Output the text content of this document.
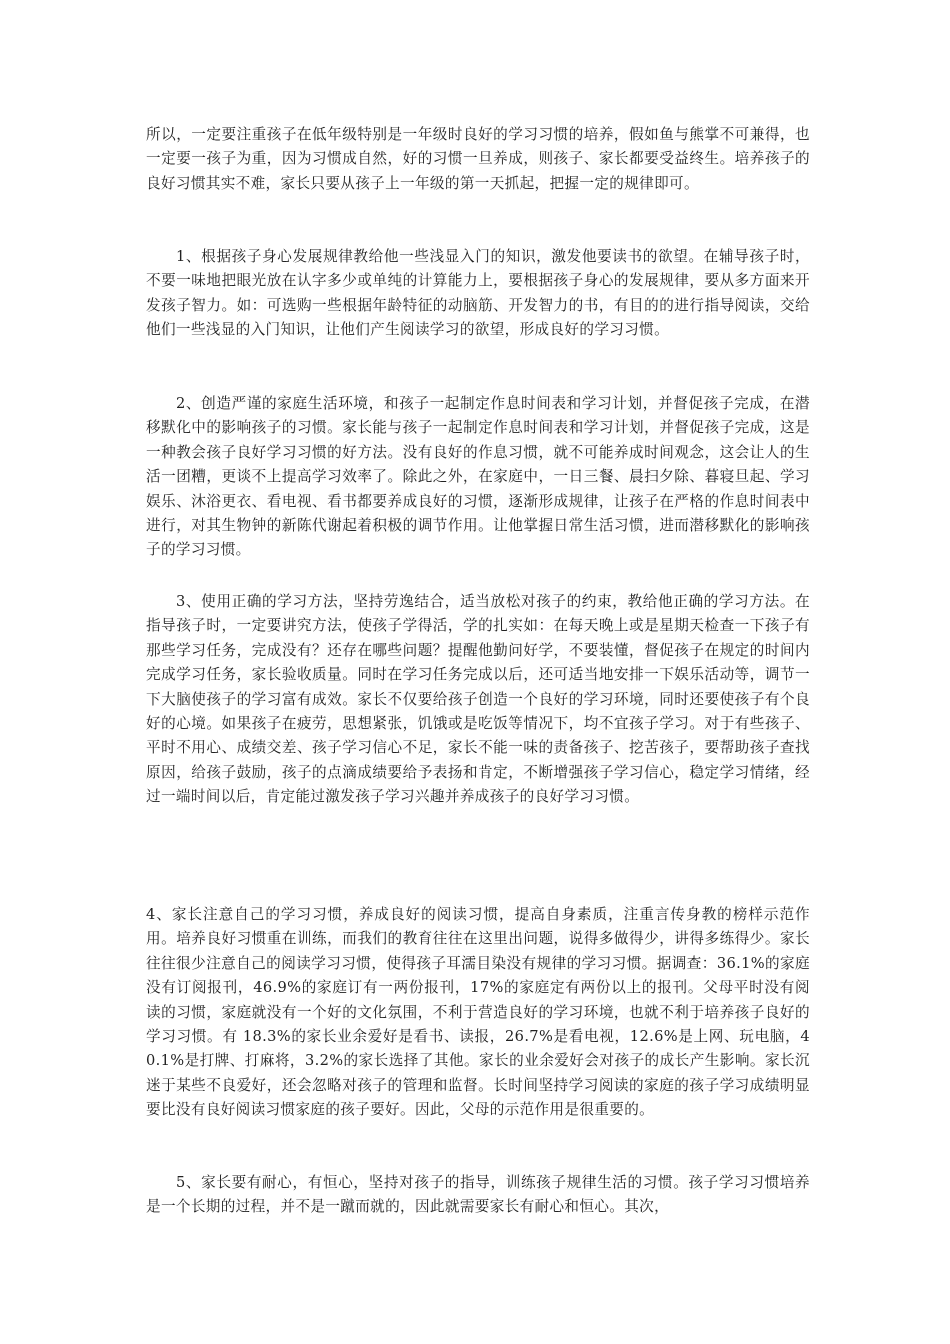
所以，一定要注重孩子在低年级特别是一年级时良好的学习习惯的培养，假如鱼与熊掌不可兼得，也一定要一孩子为重，因为习惯成自然，好的习惯一旦养成，则孩子、家长都要受益终生。培养孩子的良好习惯其实不难，家长只要从孩子上一年级的第一天抓起，把握一定的规律即可。

1、根据孩子身心发展规律教给他一些浅显入门的知识，激发他要读书的欲望。在辅导孩子时，不要一味地把眼光放在认字多少或单纯的计算能力上，要根据孩子身心的发展规律，要从多方面来开发孩子智力。如：可选购一些根据年龄特征的动脑筋、开发智力的书，有目的的进行指导阅读，交给他们一些浅显的入门知识，让他们产生阅读学习的欲望，形成良好的学习习惯。

2、创造严谨的家庭生活环境，和孩子一起制定作息时间表和学习计划，并督促孩子完成，在潜移默化中的影响孩子的习惯。家长能与孩子一起制定作息时间表和学习计划，并督促孩子完成，这是一种教会孩子良好学习习惯的好方法。没有良好的作息习惯，就不可能养成时间观念，这会让人的生活一团糟，更谈不上提高学习效率了。除此之外，在家庭中，一日三餐、晨扫夕除、暮寝旦起、学习娱乐、沐浴更衣、看电视、看书都要养成良好的习惯，逐渐形成规律，让孩子在严格的作息时间表中进行，对其生物钟的新陈代谢起着积极的调节作用。让他掌握日常生活习惯，进而潜移默化的影响孩子的学习习惯。

3、使用正确的学习方法，坚持劳逸结合，适当放松对孩子的约束，教给他正确的学习方法。在指导孩子时，一定要讲究方法，使孩子学得活，学的扎实如：在每天晚上或是星期天检查一下孩子有那些学习任务，完成没有？还存在哪些问题？提醒他勤问好学，不要装懂，督促孩子在规定的时间内完成学习任务，家长验收质量。同时在学习任务完成以后，还可适当地安排一下娱乐活动等，调节一下大脑使孩子的学习富有成效。家长不仅要给孩子创造一个良好的学习环境，同时还要使孩子有个良好的心境。如果孩子在疲劳，思想紧张，饥饿或是吃饭等情况下，均不宜孩子学习。对于有些孩子、平时不用心、成绩交差、孩子学习信心不足，家长不能一味的责备孩子、挖苦孩子，要帮助孩子查找原因，给孩子鼓励，孩子的点滴成绩要给予表扬和肯定，不断增强孩子学习信心，稳定学习情绪，经过一端时间以后，肯定能过激发孩子学习兴趣并养成孩子的良好学习习惯。

4、家长注意自己的学习习惯，养成良好的阅读习惯，提高自身素质，注重言传身教的榜样示范作用。培养良好习惯重在训练，而我们的教育往往在这里出问题，说得多做得少，讲得多练得少。家长往往很少注意自己的阅读学习习惯，使得孩子耳濡目染没有规律的学习习惯。据调查：36.1%的家庭没有订阅报刊，46.9%的家庭订有一两份报刊，17%的家庭定有两份以上的报刊。父母平时没有阅读的习惯，家庭就没有一个好的文化氛围，不利于营造良好的学习环境，也就不利于培养孩子良好的学习习惯。有 18.3%的家长业余爱好是看书、读报，26.7%是看电视，12.6%是上网、玩电脑，40.1%是打牌、打麻将，3.2%的家长选择了其他。家长的业余爱好会对孩子的成长产生影响。家长沉迷于某些不良爱好，还会忽略对孩子的管理和监督。长时间坚持学习阅读的家庭的孩子学习成绩明显要比没有良好阅读习惯家庭的孩子要好。因此，父母的示范作用是很重要的。

5、家长要有耐心，有恒心，坚持对孩子的指导，训练孩子规律生活的习惯。孩子学习习惯培养是一个长期的过程，并不是一蹴而就的，因此就需要家长有耐心和恒心。其次，
